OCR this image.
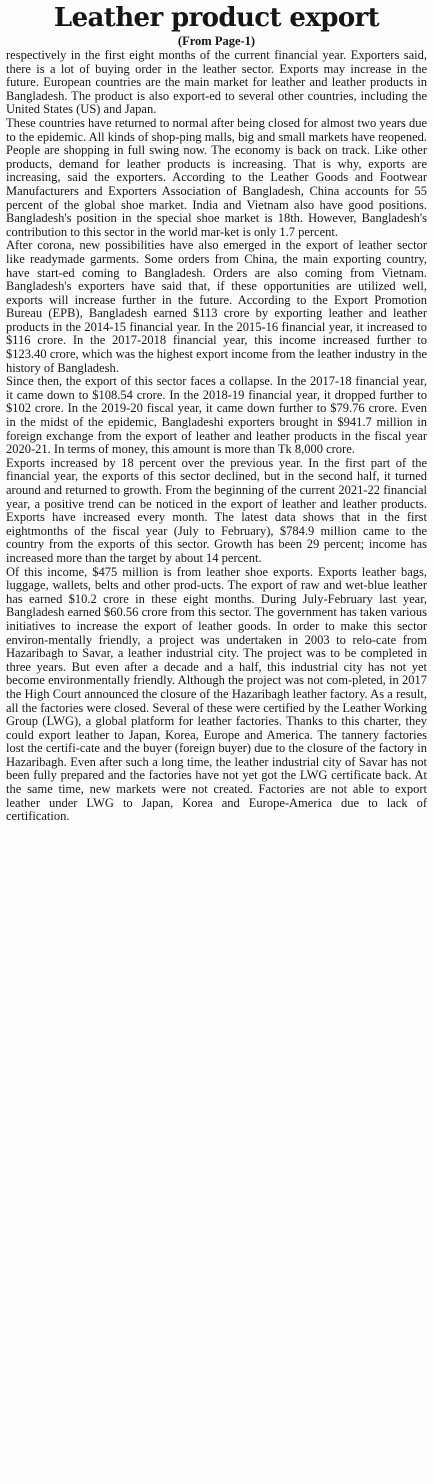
Leather product export
(From Page-1)

respectively in the first eight months of the current financial year. Exporters said, there is a lot of buying order in the leather sector. Exports may increase in the future. European countries are the main market for leather and leather products in Bangladesh. The product is also export-ed to several other countries, including the United States (US) and Japan.

These countries have returned to normal after being closed for almost two years due to the epidemic. All kinds of shop-ping malls, big and small markets have reopened. People are shopping in full swing now. The economy is back on track. Like other products, demand for leather products is increasing. That is why, exports are increasing, said the exporters. According to the Leather Goods and Footwear Manufacturers and Exporters Association of Bangladesh, China accounts for 55 percent of the global shoe market. India and Vietnam also have good positions. Bangladesh's position in the special shoe market is 18th. However, Bangladesh's contribution to this sector in the world mar-ket is only 1.7 percent.

After corona, new possibilities have also emerged in the export of leather sector like readymade garments. Some orders from China, the main exporting country, have start-ed coming to Bangladesh. Orders are also coming from Vietnam. Bangladesh's exporters have said that, if these opportunities are utilized well, exports will increase further in the future. According to the Export Promotion Bureau (EPB), Bangladesh earned $113 crore by exporting leather and leather products in the 2014-15 financial year. In the 2015-16 financial year, it increased to $116 crore. In the 2017-2018 financial year, this income increased further to $123.40 crore, which was the highest export income from the leather industry in the history of Bangladesh.

Since then, the export of this sector faces a collapse. In the 2017-18 financial year, it came down to $108.54 crore. In the 2018-19 financial year, it dropped further to $102 crore. In the 2019-20 fiscal year, it came down further to $79.76 crore. Even in the midst of the epidemic, Bangladeshi exporters brought in $941.7 million in foreign exchange from the export of leather and leather products in the fiscal year 2020-21. In terms of money, this amount is more than Tk 8,000 crore.

Exports increased by 18 percent over the previous year. In the first part of the financial year, the exports of this sector declined, but in the second half, it turned around and returned to growth. From the beginning of the current 2021-22 financial year, a positive trend can be noticed in the export of leather and leather products. Exports have increased every month. The latest data shows that in the first eightmonths of the fiscal year (July to February), $784.9 million came to the country from the exports of this sector. Growth has been 29 percent; income has increased more than the target by about 14 percent.

Of this income, $475 million is from leather shoe exports. Exports leather bags, luggage, wallets, belts and other prod-ucts. The export of raw and wet-blue leather has earned $10.2 crore in these eight months. During July-February last year, Bangladesh earned $60.56 crore from this sector. The government has taken various initiatives to increase the export of leather goods. In order to make this sector environ-mentally friendly, a project was undertaken in 2003 to relo-cate from Hazaribagh to Savar, a leather industrial city. The project was to be completed in three years. But even after a decade and a half, this industrial city has not yet become environmentally friendly. Although the project was not com-pleted, in 2017 the High Court announced the closure of the Hazaribagh leather factory. As a result, all the factories were closed. Several of these were certified by the Leather Working Group (LWG), a global platform for leather factories. Thanks to this charter, they could export leather to Japan, Korea, Europe and America. The tannery factories lost the certifi-cate and the buyer (foreign buyer) due to the closure of the factory in Hazaribagh. Even after such a long time, the leather industrial city of Savar has not been fully prepared and the factories have not yet got the LWG certificate back. At the same time, new markets were not created. Factories are not able to export leather under LWG to Japan, Korea and Europe-America due to lack of certification.
